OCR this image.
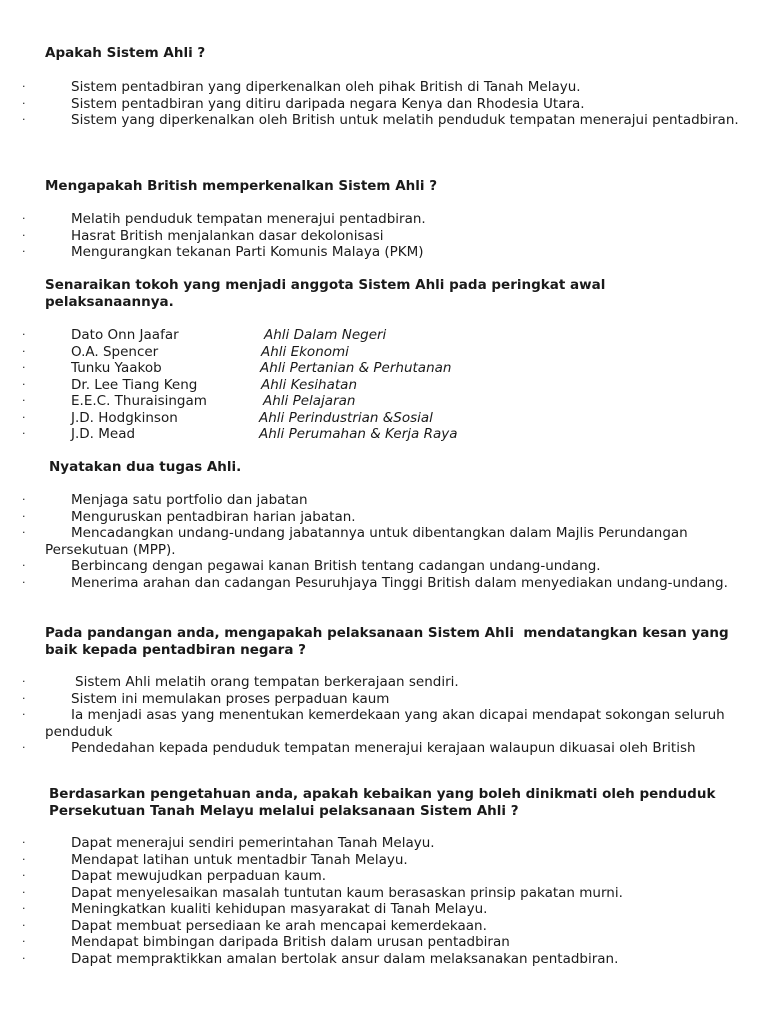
Apakah Sistem Ahli ?
·	Sistem pentadbiran yang diperkenalkan oleh pihak British di Tanah Melayu.
·	Sistem pentadbiran yang ditiru daripada negara Kenya dan Rhodesia Utara.
·	Sistem yang diperkenalkan oleh British untuk melatih penduduk tempatan menerajui pentadbiran.
Mengapakah British memperkenalkan Sistem Ahli ?
·	Melatih penduduk tempatan menerajui pentadbiran.
·	Hasrat British menjalankan dasar dekolonisasi
·	Mengurangkan tekanan Parti Komunis Malaya (PKM)
Senaraikan tokoh yang menjadi anggota Sistem Ahli pada peringkat awal pelaksanaannya.
·	Dato Onn Jaafar	Ahli Dalam Negeri
·	O.A. Spencer	Ahli Ekonomi
·	Tunku Yaakob	Ahli Pertanian & Perhutanan
·	Dr. Lee Tiang Keng	Ahli Kesihatan
·	E.E.C. Thuraisingam	Ahli Pelajaran
·	J.D. Hodgkinson	Ahli Perindustrian &Sosial
·	J.D. Mead	Ahli Perumahan & Kerja Raya
Nyatakan dua tugas Ahli.
·	Menjaga satu portfolio dan jabatan
·	Menguruskan pentadbiran harian jabatan.
·	Mencadangkan undang-undang jabatannya untuk dibentangkan dalam Majlis Perundangan Persekutuan (MPP).
·	Berbincang dengan pegawai kanan British tentang cadangan undang-undang.
·	Menerima arahan dan cadangan Pesuruhjaya Tinggi British dalam menyediakan undang-undang.
Pada pandangan anda, mengapakah pelaksanaan Sistem Ahli  mendatangkan kesan yang baik kepada pentadbiran negara ?
·	Sistem Ahli melatih orang tempatan berkerajaan sendiri.
·	Sistem ini memulakan proses perpaduan kaum
·	Ia menjadi asas yang menentukan kemerdekaan yang akan dicapai mendapat sokongan seluruh penduduk
·	Pendedahan kepada penduduk tempatan menerajui kerajaan walaupun dikuasai oleh British
Berdasarkan pengetahuan anda, apakah kebaikan yang boleh dinikmati oleh penduduk Persekutuan Tanah Melayu melalui pelaksanaan Sistem Ahli ?
·	Dapat menerajui sendiri pemerintahan Tanah Melayu.
·	Mendapat latihan untuk mentadbir Tanah Melayu.
·	Dapat mewujudkan perpaduan kaum.
·	Dapat menyelesaikan masalah tuntutan kaum berasaskan prinsip pakatan murni.
·	Meningkatkan kualiti kehidupan masyarakat di Tanah Melayu.
·	Dapat membuat persediaan ke arah mencapai kemerdekaan.
·	Mendapat bimbingan daripada British dalam urusan pentadbiran
·	Dapat mempraktikkan amalan bertolak ansur dalam melaksanakan pentadbiran.
